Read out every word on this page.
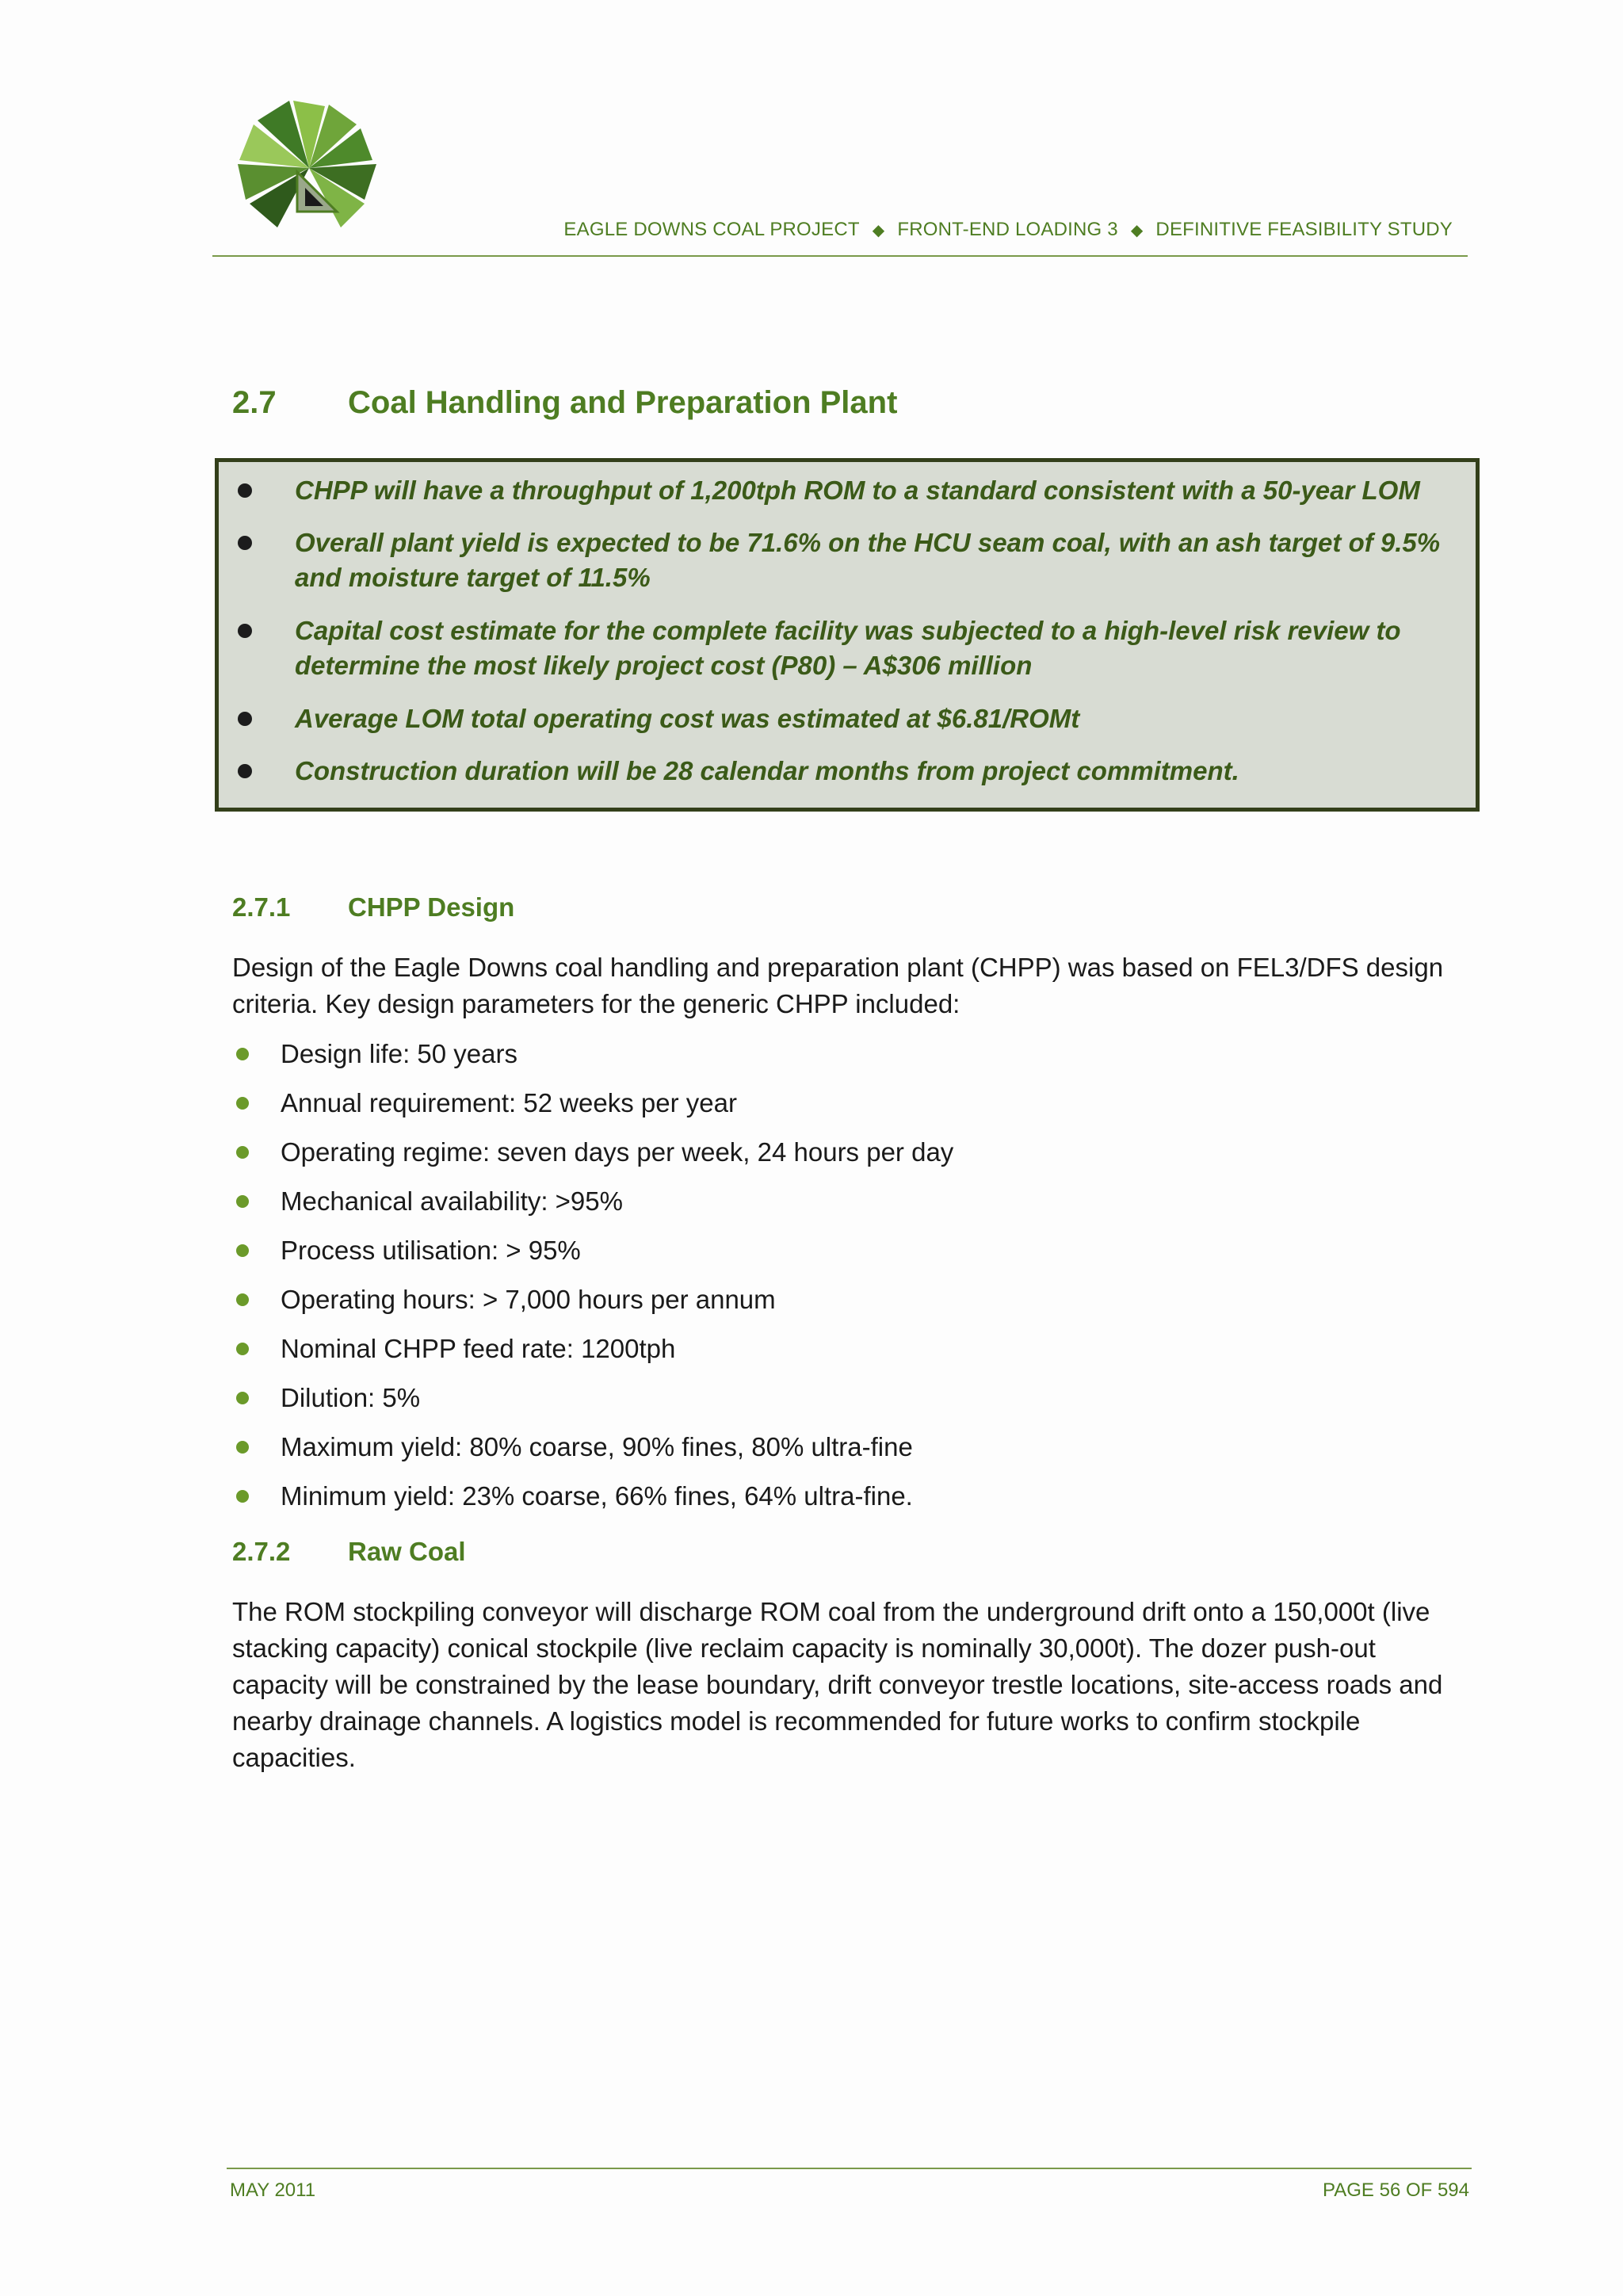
EAGLE DOWNS COAL PROJECT ◆ FRONT-END LOADING 3 ◆ DEFINITIVE FEASIBILITY STUDY
2.7 Coal Handling and Preparation Plant
CHPP will have a throughput of 1,200tph ROM to a standard consistent with a 50-year LOM
Overall plant yield is expected to be 71.6% on the HCU seam coal, with an ash target of 9.5% and moisture target of 11.5%
Capital cost estimate for the complete facility was subjected to a high-level risk review to determine the most likely project cost (P80) – A$306 million
Average LOM total operating cost was estimated at $6.81/ROMt
Construction duration will be 28 calendar months from project commitment.
2.7.1 CHPP Design
Design of the Eagle Downs coal handling and preparation plant (CHPP) was based on FEL3/DFS design criteria. Key design parameters for the generic CHPP included:
Design life: 50 years
Annual requirement: 52 weeks per year
Operating regime: seven days per week, 24 hours per day
Mechanical availability: >95%
Process utilisation: > 95%
Operating hours: > 7,000 hours per annum
Nominal CHPP feed rate: 1200tph
Dilution: 5%
Maximum yield: 80% coarse, 90% fines, 80% ultra-fine
Minimum yield: 23% coarse, 66% fines, 64% ultra-fine.
2.7.2 Raw Coal
The ROM stockpiling conveyor will discharge ROM coal from the underground drift onto a 150,000t (live stacking capacity) conical stockpile (live reclaim capacity is nominally 30,000t). The dozer push-out capacity will be constrained by the lease boundary, drift conveyor trestle locations, site-access roads and nearby drainage channels. A logistics model is recommended for future works to confirm stockpile capacities.
MAY 2011	PAGE 56 OF 594
